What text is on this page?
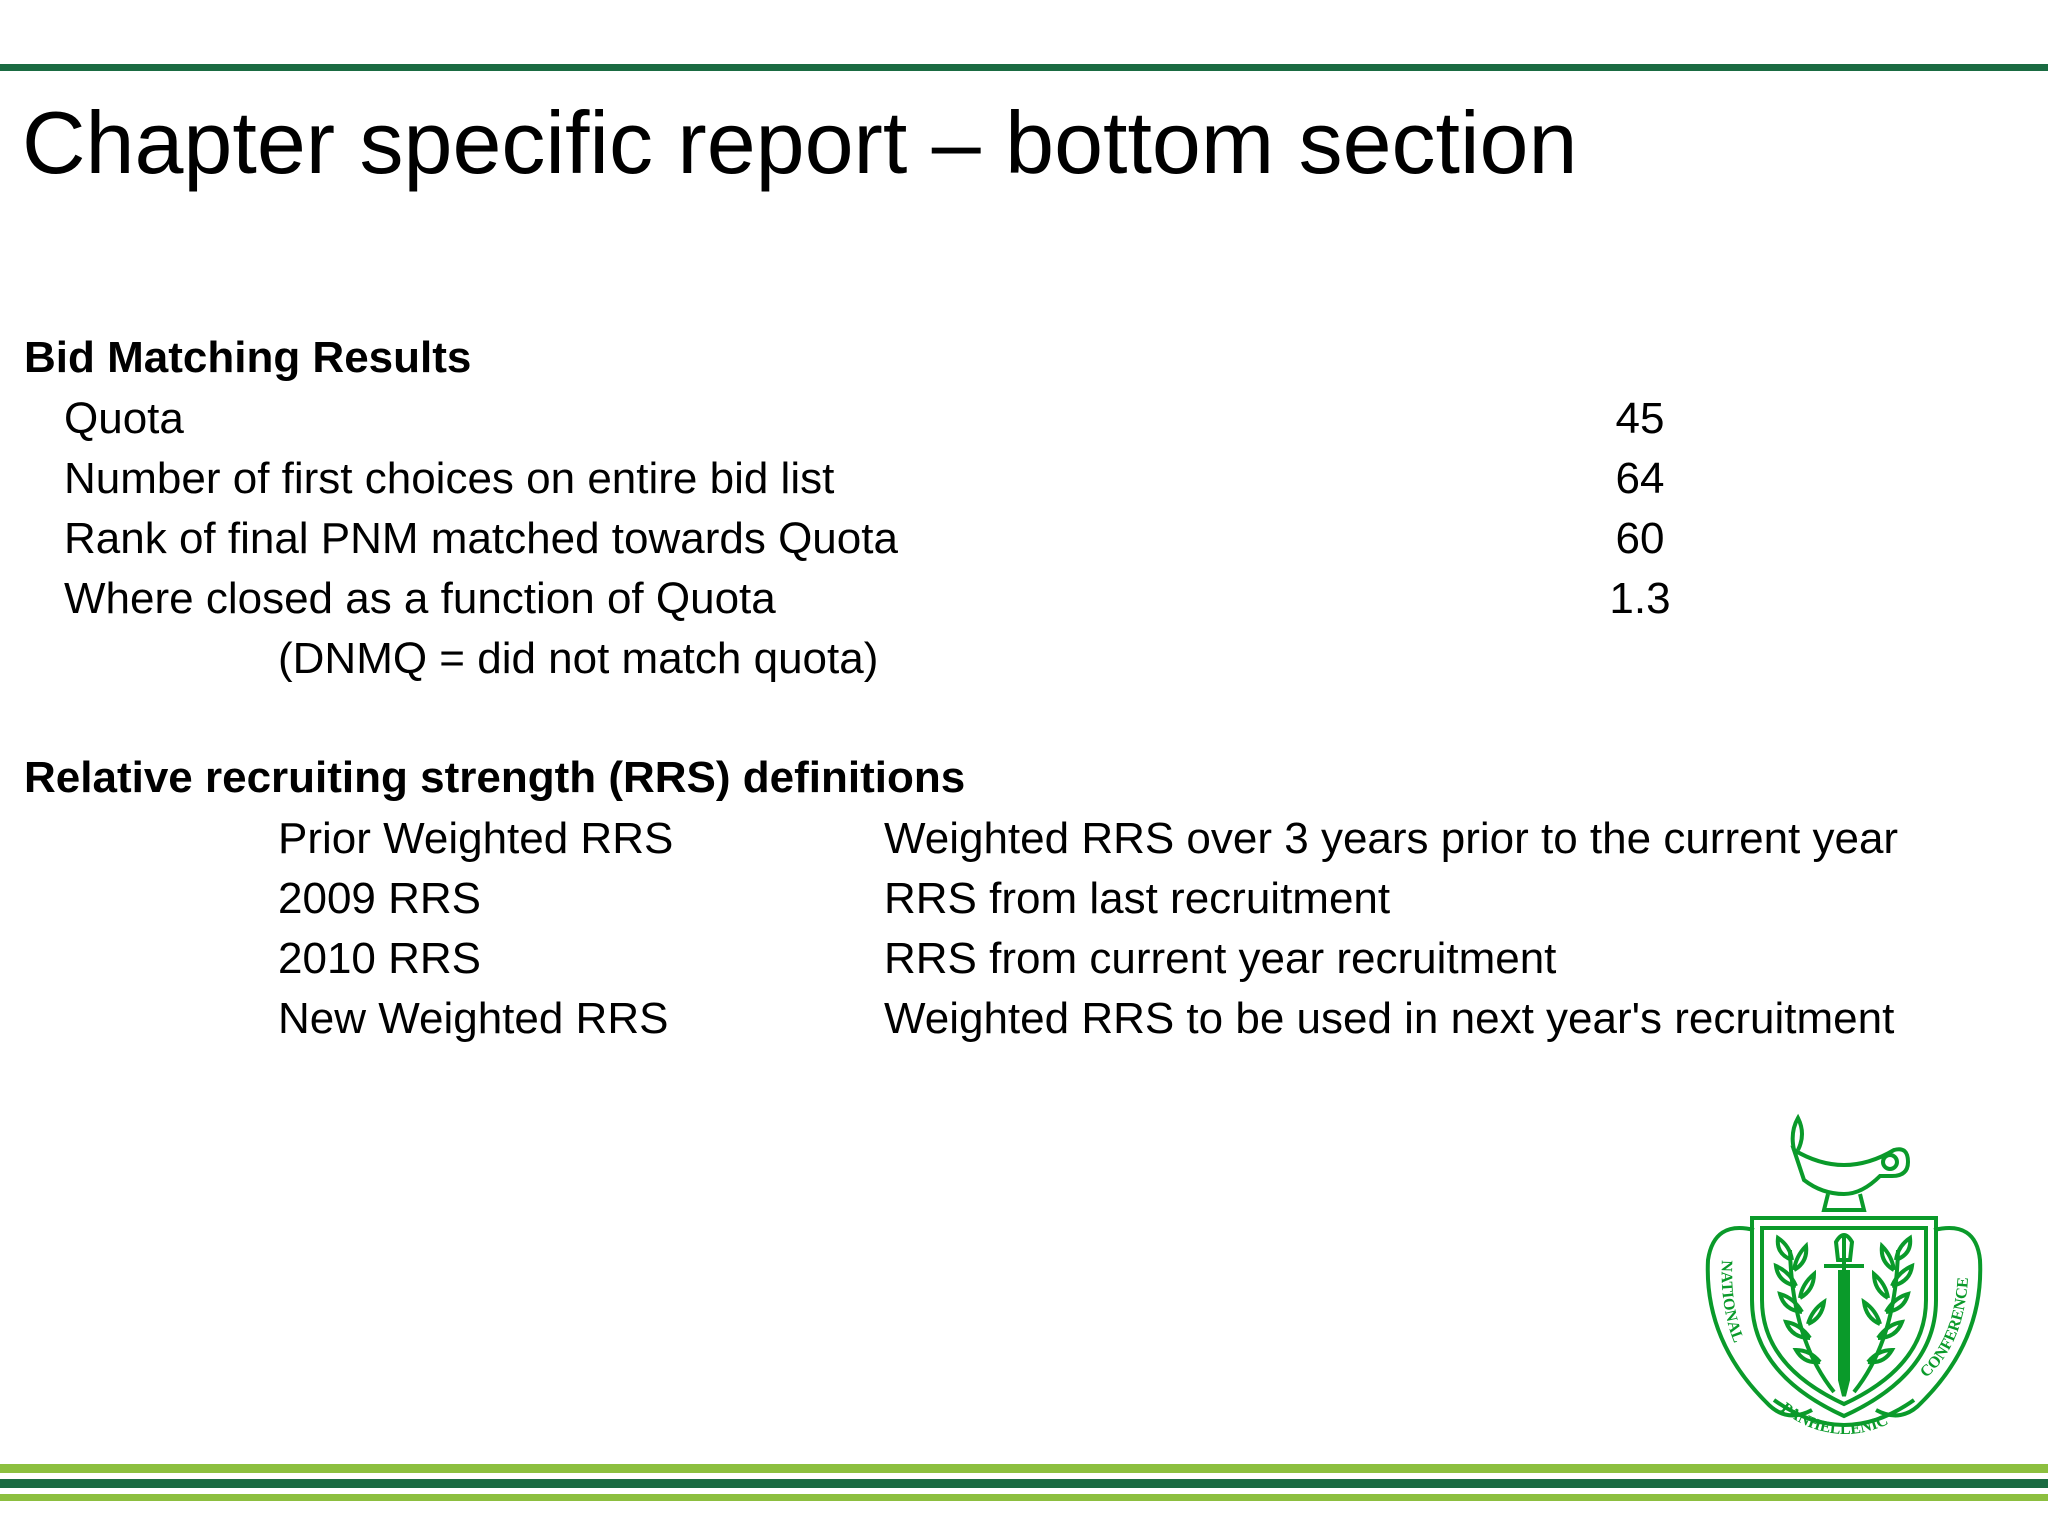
Chapter specific report – bottom section
Bid Matching Results
Quota	45
Number of first choices on entire bid list	64
Rank of final PNM matched towards Quota	60
Where closed as a function of Quota	1.3
(DNMQ = did not match quota)
Relative recruiting strength (RRS) definitions
Prior Weighted RRS	Weighted RRS over 3 years prior to the current year
2009 RRS	RRS from last recruitment
2010 RRS	RRS from current year recruitment
New Weighted RRS	Weighted RRS to be used in next year's recruitment
NATIONAL
CONFERENCE
PANHELLENIC
